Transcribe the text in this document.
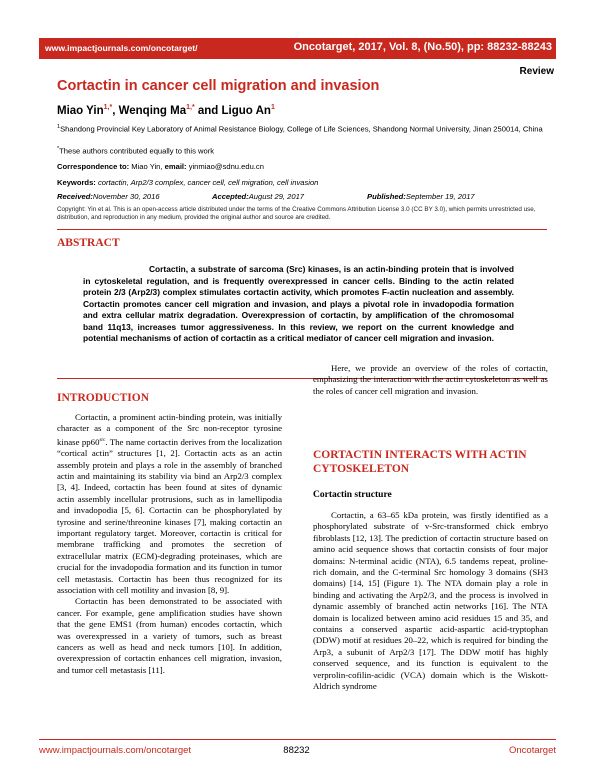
www.impactjournals.com/oncotarget/	Oncotarget, 2017, Vol. 8, (No.50), pp: 88232-88243
Review
Cortactin in cancer cell migration and invasion
Miao Yin$^{1,*}$, Wenqing $Ma^{1,*}$ and Liguo An$^1$
$^1$Shandong Provincial Key Laboratory of Animal Resistance Biology, College of Life Sciences, Shandong Normal University, Jinan 250014, China
*These authors contributed equally to this work
Correspondence to: Miao Yin, email: yinmiao@sdnu.edu.cn
Keywords: cortactin, Arp2/3 complex, cancer cell, cell migration, cell invasion
Received:November 30, 2016	Accepted:August 29, 2017	Published:September 19, 2017
Copyright: Yin et al. This is an open-access article distributed under the terms of the Creative Commons Attribution License 3.0 (CC BY 3.0), which permits unrestricted use, distribution, and reproduction in any medium, provided the original author and source are credited.
ABSTRACT
Cortactin, a substrate of sarcoma (Src) kinases, is an actin-binding protein that is involved in cytoskeletal regulation, and is frequently overexpressed in cancer cells. Binding to the actin related protein 2/3 (Arp2/3) complex stimulates cortactin activity, which promotes F-actin nucleation and assembly. Cortactin promotes cancer cell migration and invasion, and plays a pivotal role in invadopodia formation and extra cellular matrix degradation. Overexpression of cortactin, by amplification of the chromosomal band 11q13, increases tumor aggressiveness. In this review, we report on the current knowledge and potential mechanisms of action of cortactin as a critical mediator of cancer cell migration and invasion.
INTRODUCTION

Cortactin, a prominent actin-binding protein, was initially character as a component of the Src non-receptor tyrosine kinase $pp60^{src}$. The name cortactin derives from the localization “cortical actin” structures [1, 2]. Cortactin acts as an actin assembly protein and plays a role in the assembly of branched actin and maintaining its stability via bind an Arp2/3 complex [3, 4]. Indeed, cortactin has been found at sites of dynamic actin assembly incellular protrusions, such as in lamellipodia and invadopodia [5, 6]. Cortactin can be phosphorylated by tyrosine and serine/threonine kinases [7], making cortactin an important regulatory target. Moreover, cortactin is critical for membrane trafficking and promotes the secretion of extracellular matrix (ECM)-degrading proteinases, which are crucial for the invadopodia formation and its function in tumor cell metastasis. Cortactin has been thus recognized for its association with cell motility and invasion [8, 9].

Cortactin has been demonstrated to be associated with cancer. For example, gene amplification studies have shown that the gene EMS1 (from human) encodes cortactin, which was overexpressed in a variety of tumors, such as breast cancers as well as head and neck tumors [10]. In addition, overexpression of cortactin enhances cell migration, invasion, and tumor cell metastasis [11].

Here, we provide an overview of the roles of cortactin, emphasizing the interaction with the actin cytoskeleton as well as the roles of cancer cell migration and invasion.

CORTACTIN INTERACTS WITH ACTIN CYTOSKELETON
Cortactin structure

Cortactin, a 63–65 kDa protein, was firstly identified as a phosphorylated substrate of v-Src-transformed chick embryo fibroblasts [12, 13]. The prediction of cortactin structure based on amino acid sequence shows that cortactin consists of four major domains: N-terminal acidic (NTA), 6.5 tandems repeat, proline-rich domain, and the C-terminal Src homology 3 domains (SH3 domains) [14, 15] (Figure 1). The NTA domain play a role in binding and activating the Arp2/3, and the process is involved in dynamic assembly of branched actin networks [16]. The NTA domain is localized between amino acid residues 15 and 35, and contains a conserved aspartic acid-aspartic acid-tryptophan (DDW) motif at residues 20–22, which is required for binding the Arp3, a subunit of Arp2/3 [17]. The DDW motif has highly conserved sequence, and its function is equivalent to the verprolin-cofilin-acidic (VCA) domain which is the Wiskott-Aldrich syndrome

www.impactjournals.com/oncotarget	88232	Oncotarget
